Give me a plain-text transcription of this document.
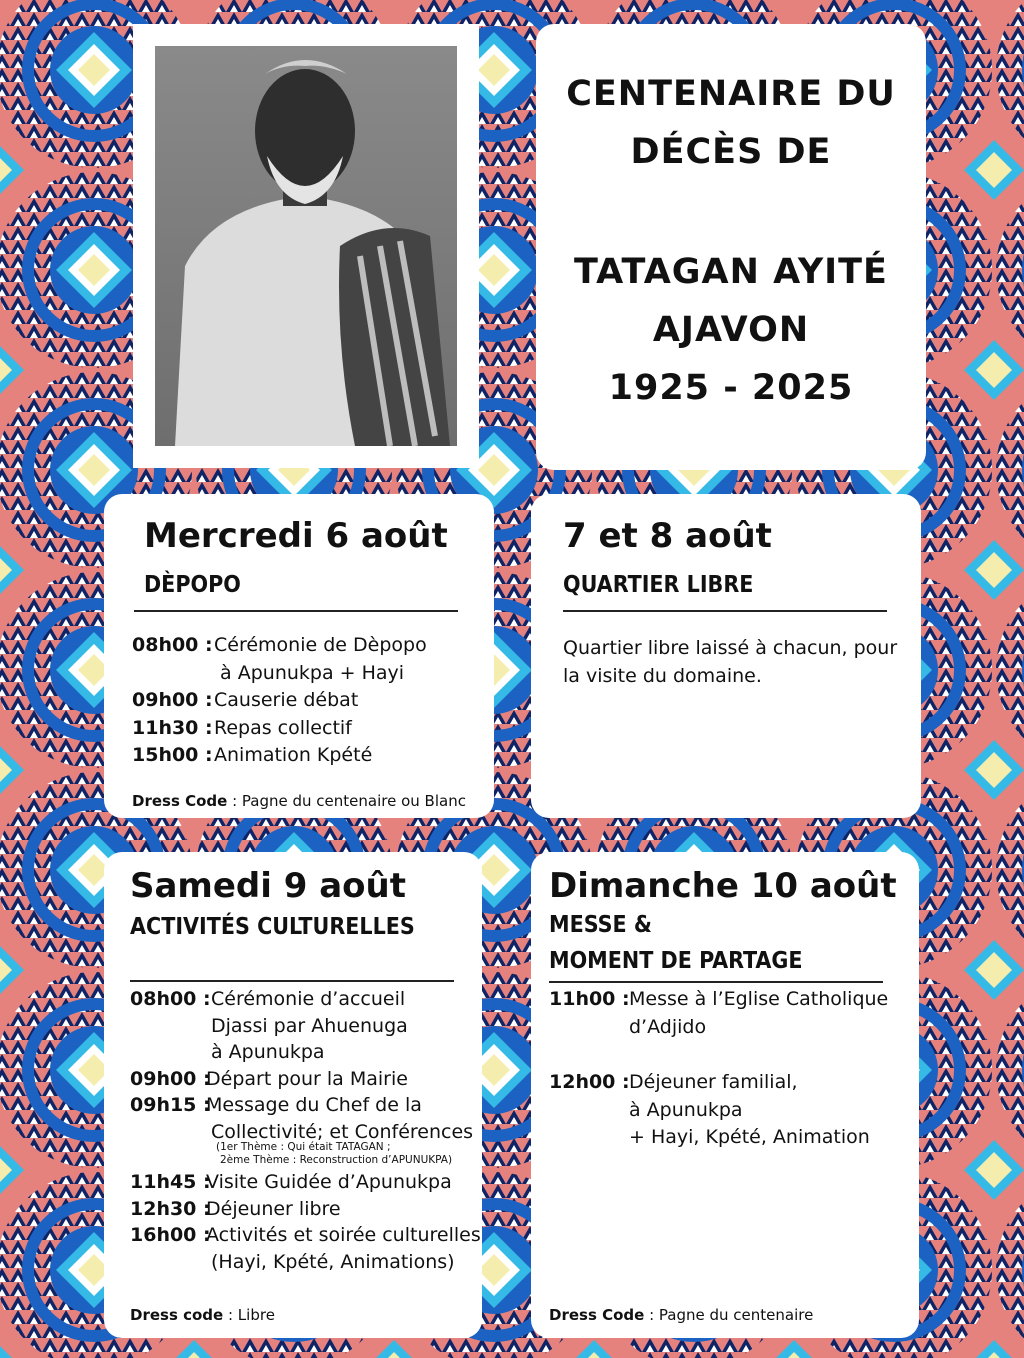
CENTENAIRE DU
DÉCÈS DE
TATAGAN AYITÉ
AJAVON
1925 - 2025
Mercredi 6 août
DÈPOPO
08h00 : Cérémonie de Dèpopo
à Apunukpa + Hayi
09h00 : Causerie débat
11h30 : Repas collectif
15h00 : Animation Kpété
Dress Code : Pagne du centenaire ou Blanc
7 et 8 août
QUARTIER LIBRE
Quartier libre laissé à chacun, pour la visite du domaine.
Samedi 9 août
ACTIVITÉS CULTURELLES
08h00 : Cérémonie d’accueil
Djassi par Ahuenuga
à Apunukpa
09h00 :
Départ pour la Mairie
09h15 :
Message du Chef de la
Collectivité; et Conférences
(1er Thème : Qui était TATAGAN ;
2ème Thème : Reconstruction d’APUNUKPA)
11h45 :
Visite Guidée d’Apunukpa
12h30 :
Déjeuner libre
16h00 :
Activités et soirée culturelles
(Hayi, Kpété, Animations)
Dress code : Libre
Dimanche 10 août
MESSE &
MOMENT DE PARTAGE
11h00 : Messe à l’Eglise Catholique
d’Adjido
12h00 : Déjeuner familial,
à Apunukpa
+ Hayi, Kpété, Animation
Dress Code : Pagne du centenaire
